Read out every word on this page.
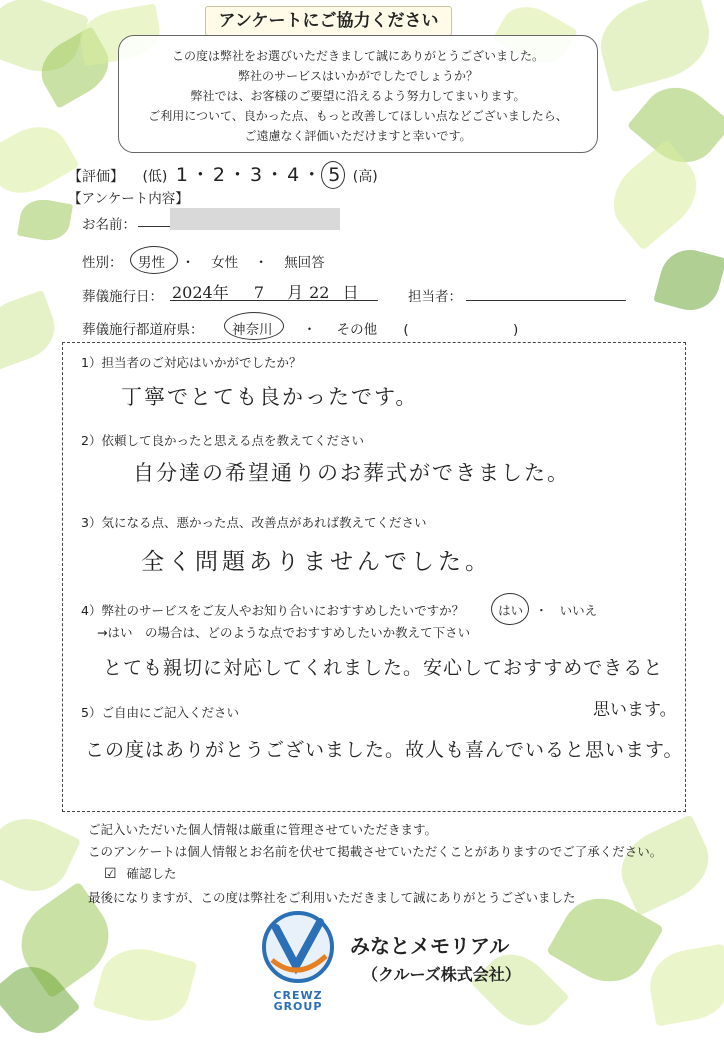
アンケートにご協力ください
この度は弊社をお選びいただきまして誠にありがとうございました。
弊社のサービスはいかがでしたでしょうか？
弊社では、お客様のご要望に沿えるよう努力してまいります。
ご利用について、良かった点、もっと改善してほしい点などございましたら、
ご遠慮なく評価いただけますと幸いです。
【評価】 (低) 1・2・3・4・ 5 (高)
【アンケート内容】
お名前：
性別： 男性 ・ 女性 ・ 無回答
葬儀施行日： 2024年 7 月 22 日	担当者：
葬儀施行都道府県： 神奈川 ・ その他 (	)
1）担当者のご対応はいかがでしたか？
丁寧でとても良かったです。
2）依頼して良かったと思える点を教えてください
自分達の希望通りのお葬式ができました。
3）気になる点、悪かった点、改善点があれば教えてください
全く問題ありませんでした。
4）弊社のサービスをご友人やお知り合いにおすすめしたいですか？	はい ・ いいえ
→はい　の場合は、どのような点でおすすめしたいか教えて下さい
とても親切に対応してくれました。安心しておすすめできると
思います。
5）ご自由にご記入ください
この度はありがとうございました。故人も喜んでいると思います。
ご記入いただいた個人情報は厳重に管理させていただきます。
このアンケートは個人情報とお名前を伏せて掲載させていただくことがありますのでご了承ください。
☑ 確認した
最後になりますが、この度は弊社をご利用いただきまして誠にありがとうございました
CREWZ
GROUP
みなとメモリアル
（クルーズ株式会社）
